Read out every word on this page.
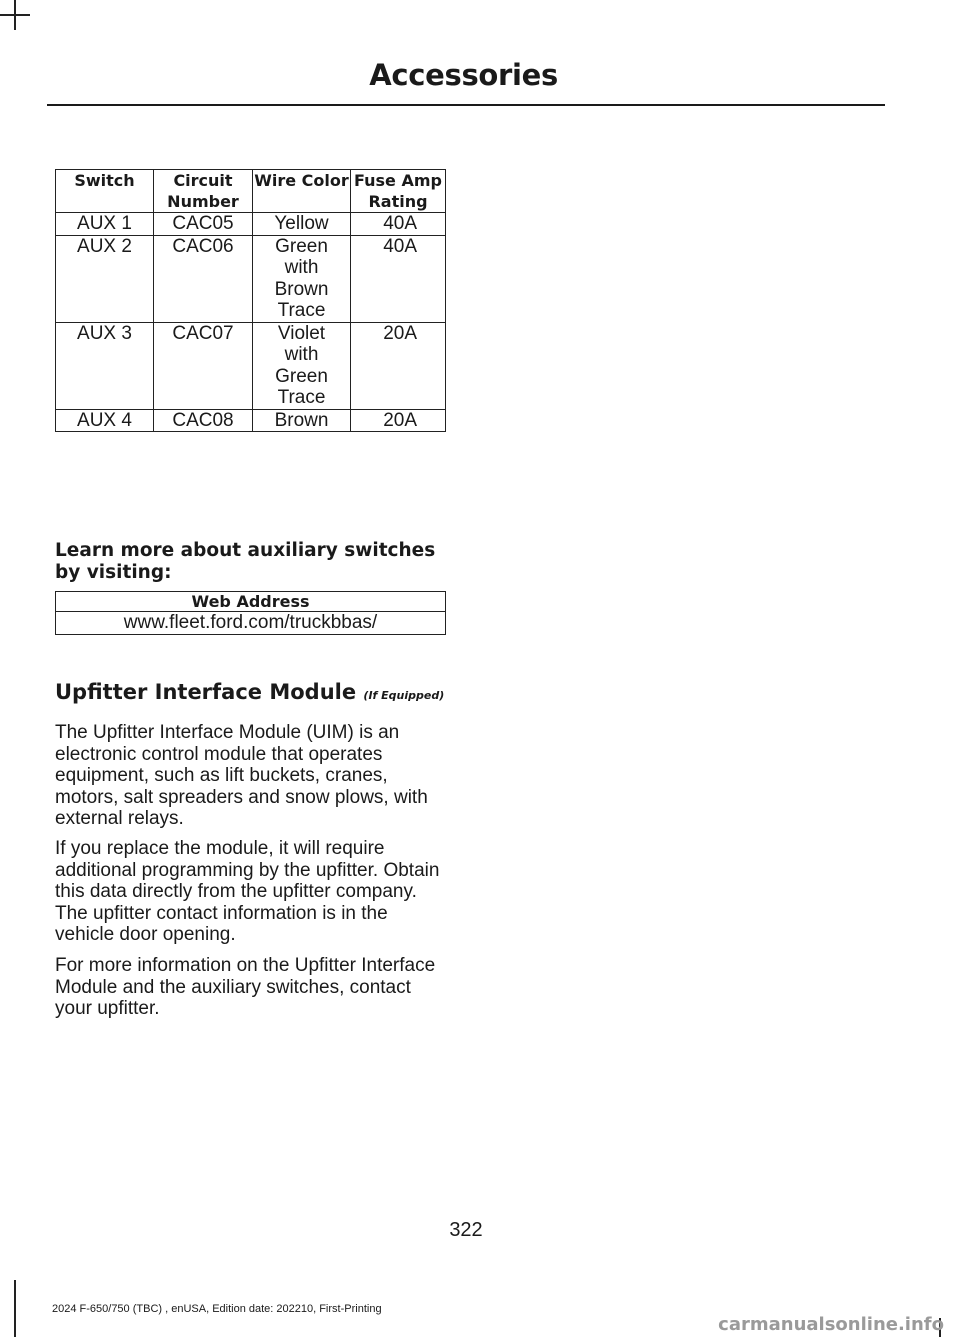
Accessories
Switch	Circuit Number	Wire Color	Fuse Amp Rating
AUX 1	CAC05	Yellow	40A
AUX 2	CAC06	Green with Brown Trace	40A
AUX 3	CAC07	Violet with Green Trace	20A
AUX 4	CAC08	Brown	20A
Learn more about auxiliary switches by visiting:
Web Address
www.fleet.ford.com/truckbbas/
Upfitter Interface Module (If Equipped)

The Upfitter Interface Module (UIM) is an electronic control module that operates equipment, such as lift buckets, cranes, motors, salt spreaders and snow plows, with external relays.

If you replace the module, it will require additional programming by the upfitter. Obtain this data directly from the upfitter company. The upfitter contact information is in the vehicle door opening.

For more information on the Upfitter Interface Module and the auxiliary switches, contact your upfitter.

322
2024 F-650/750 (TBC) , enUSA, Edition date: 202210, First-Printing
carmanualsonline.info
